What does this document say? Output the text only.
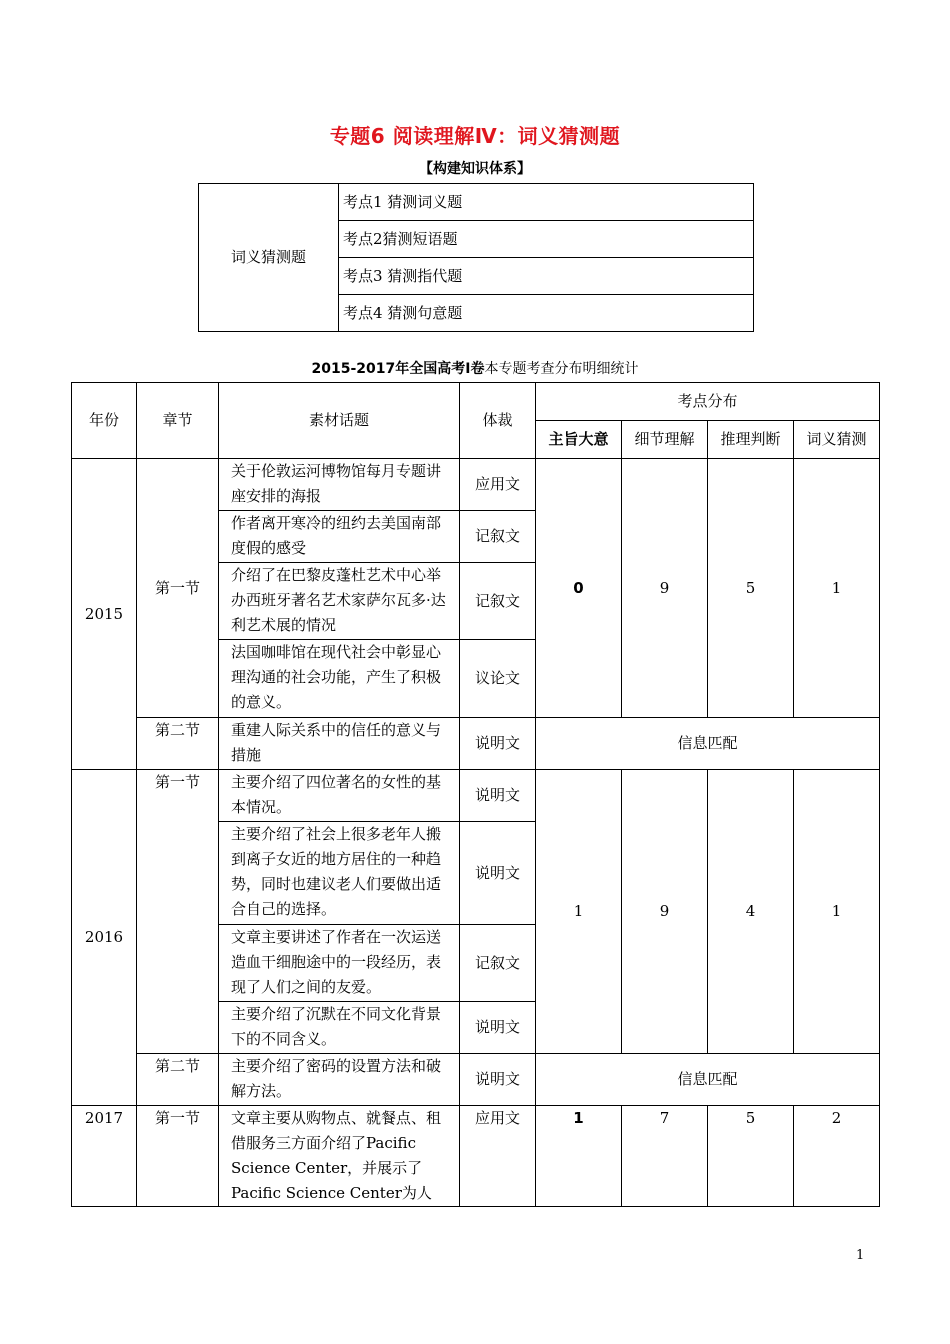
专题6 阅读理解Ⅳ：词义猜测题
【构建知识体系】
词义猜测题	考点1 猜测词义题
考点2猜测短语题
考点3 猜测指代题
考点4 猜测句意题
2015-2017年全国高考Ⅰ卷本专题考查分布明细统计
年份	章节	素材话题	体裁	考点分布			
				主旨大意	细节理解	推理判断	词义猜测
2015	第一节	关于伦敦运河博物馆每月专题讲座安排的海报	应用文	0	9	5	1
		作者离开寒冷的纽约去美国南部度假的感受	记叙文				
		介绍了在巴黎皮蓬杜艺术中心举办西班牙著名艺术家萨尔瓦多·达利艺术展的情况	记叙文				
		法国咖啡馆在现代社会中彰显心理沟通的社会功能，产生了积极的意义。	议论文				
	第二节	重建人际关系中的信任的意义与措施	说明文	信息匹配			
2016	第一节	主要介绍了四位著名的女性的基本情况。	说明文	1	9	4	1
		主要介绍了社会上很多老年人搬到离子女近的地方居住的一种趋势，同时也建议老人们要做出适合自己的选择。	说明文				
		文章主要讲述了作者在一次运送造血干细胞途中的一段经历，表现了人们之间的友爱。	记叙文				
		主要介绍了沉默在不同文化背景下的不同含义。	说明文				
	第二节	主要介绍了密码的设置方法和破解方法。	说明文	信息匹配			
2017	第一节	文章主要从购物点、就餐点、租借服务三方面介绍了Pacific Science Center，并展示了Pacific Science Center为人	应用文	1	7	5	2
1
